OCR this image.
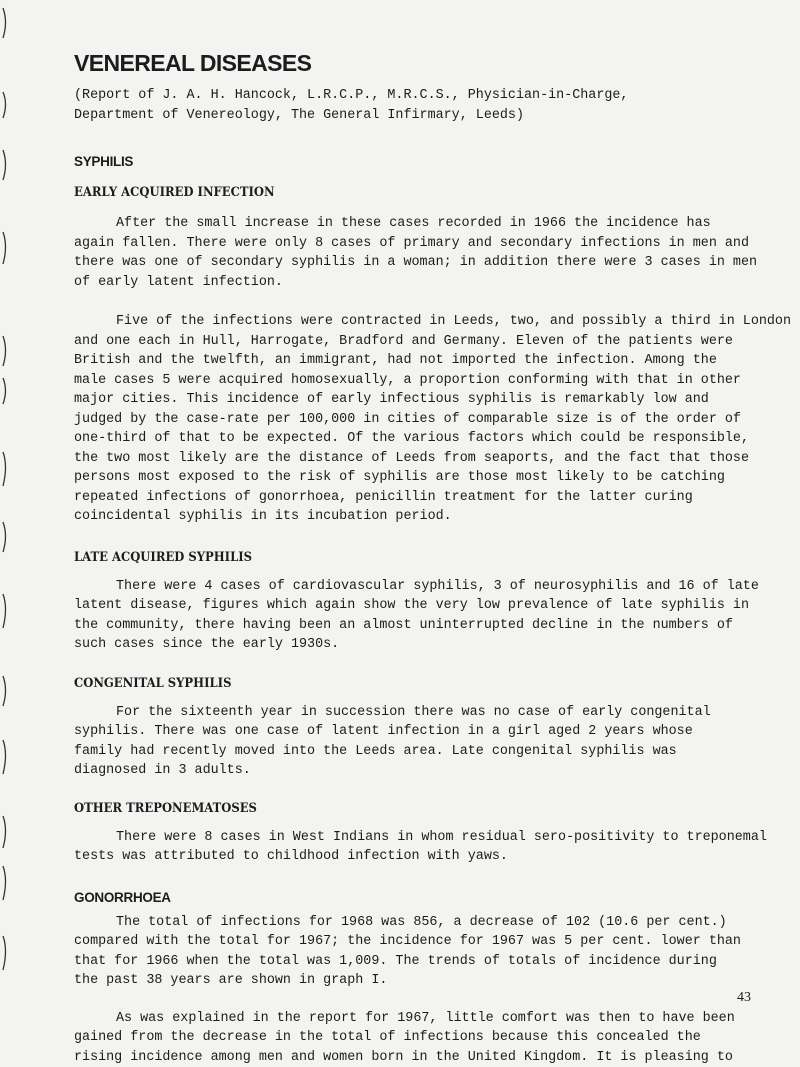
VENEREAL DISEASES
(Report of J. A. H. Hancock, L.R.C.P., M.R.C.S., Physician-in-Charge,
Department of Venereology, The General Infirmary, Leeds)
SYPHILIS
EARLY ACQUIRED INFECTION
After the small increase in these cases recorded in 1966 the incidence has
again fallen. There were only 8 cases of primary and secondary infections in men and
there was one of secondary syphilis in a woman; in addition there were 3 cases in men
of early latent infection.
Five of the infections were contracted in Leeds, two, and possibly a third in London
and one each in Hull, Harrogate, Bradford and Germany. Eleven of the patients were
British and the twelfth, an immigrant, had not imported the infection. Among the
male cases 5 were acquired homosexually, a proportion conforming with that in other
major cities. This incidence of early infectious syphilis is remarkably low and
judged by the case-rate per 100,000 in cities of comparable size is of the order of
one-third of that to be expected. Of the various factors which could be responsible,
the two most likely are the distance of Leeds from seaports, and the fact that those
persons most exposed to the risk of syphilis are those most likely to be catching
repeated infections of gonorrhoea, penicillin treatment for the latter curing
coincidental syphilis in its incubation period.
LATE ACQUIRED SYPHILIS
There were 4 cases of cardiovascular syphilis, 3 of neurosyphilis and 16 of late
latent disease, figures which again show the very low prevalence of late syphilis in
the community, there having been an almost uninterrupted decline in the numbers of
such cases since the early 1930s.
CONGENITAL SYPHILIS
For the sixteenth year in succession there was no case of early congenital
syphilis. There was one case of latent infection in a girl aged 2 years whose
family had recently moved into the Leeds area. Late congenital syphilis was
diagnosed in 3 adults.
OTHER TREPONEMATOSES
There were 8 cases in West Indians in whom residual sero-positivity to treponemal
tests was attributed to childhood infection with yaws.
GONORRHOEA
The total of infections for 1968 was 856, a decrease of 102 (10.6 per cent.)
compared with the total for 1967; the incidence for 1967 was 5 per cent. lower than
that for 1966 when the total was 1,009. The trends of totals of incidence during
the past 38 years are shown in graph I.
As was explained in the report for 1967, little comfort was then to have been
gained from the decrease in the total of infections because this concealed the
rising incidence among men and women born in the United Kingdom. It is pleasing to
43
